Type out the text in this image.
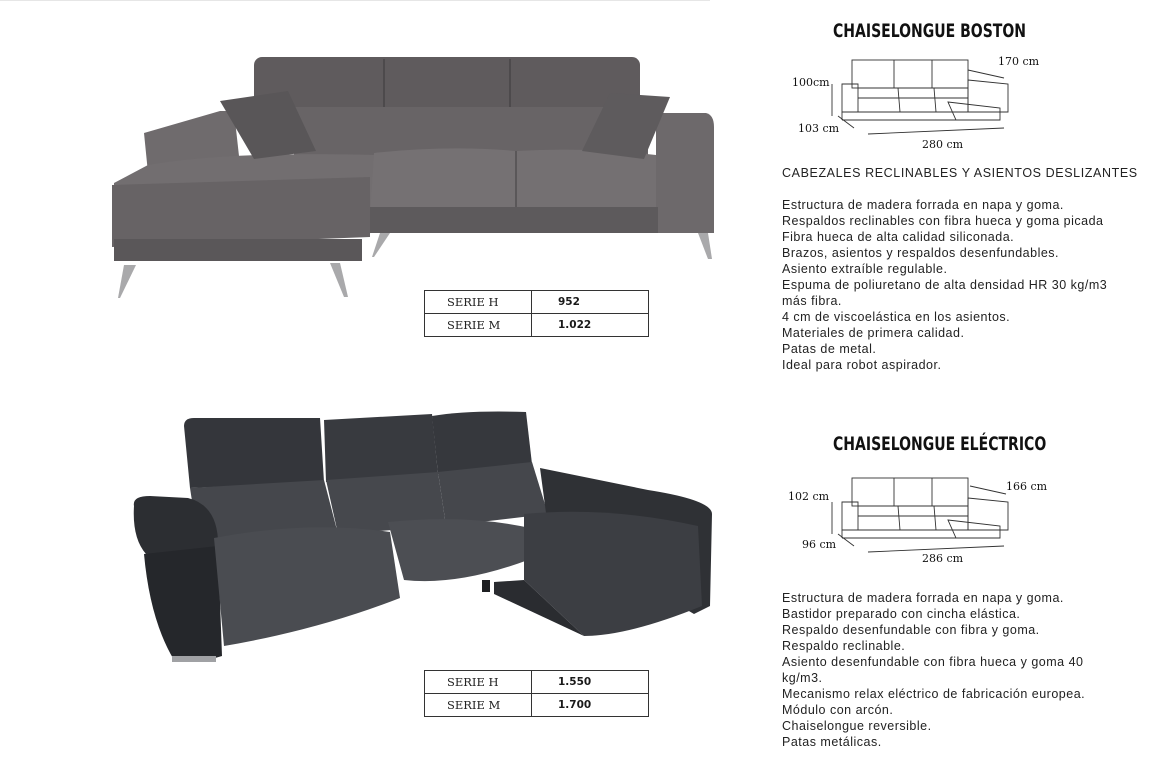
SERIE H	952
SERIE M	1.022
SERIE H	1.550
SERIE M	1.700
CHAISELONGUE BOSTON
100cm
170 cm
103 cm
280 cm
CABEZALES RECLINABLES Y ASIENTOS DESLIZANTES
Estructura de madera forrada en napa y goma.
Respaldos reclinables con fibra hueca y goma picada
Fibra hueca de alta calidad siliconada.
Brazos, asientos y respaldos desenfundables.
Asiento extraíble regulable.
Espuma de poliuretano de alta densidad HR 30 kg/m3
más fibra.
4 cm de viscoelástica en los asientos.
Materiales de primera calidad.
Patas de metal.
Ideal para robot aspirador.
CHAISELONGUE ELÉCTRICO
102 cm
166 cm
96 cm
286 cm
Estructura de madera forrada en napa y goma.
Bastidor preparado con cincha elástica.
Respaldo desenfundable con fibra y goma.
Respaldo reclinable.
Asiento desenfundable con fibra hueca y goma 40
kg/m3.
Mecanismo relax eléctrico de fabricación europea.
Módulo con arcón.
Chaiselongue reversible.
Patas metálicas.
